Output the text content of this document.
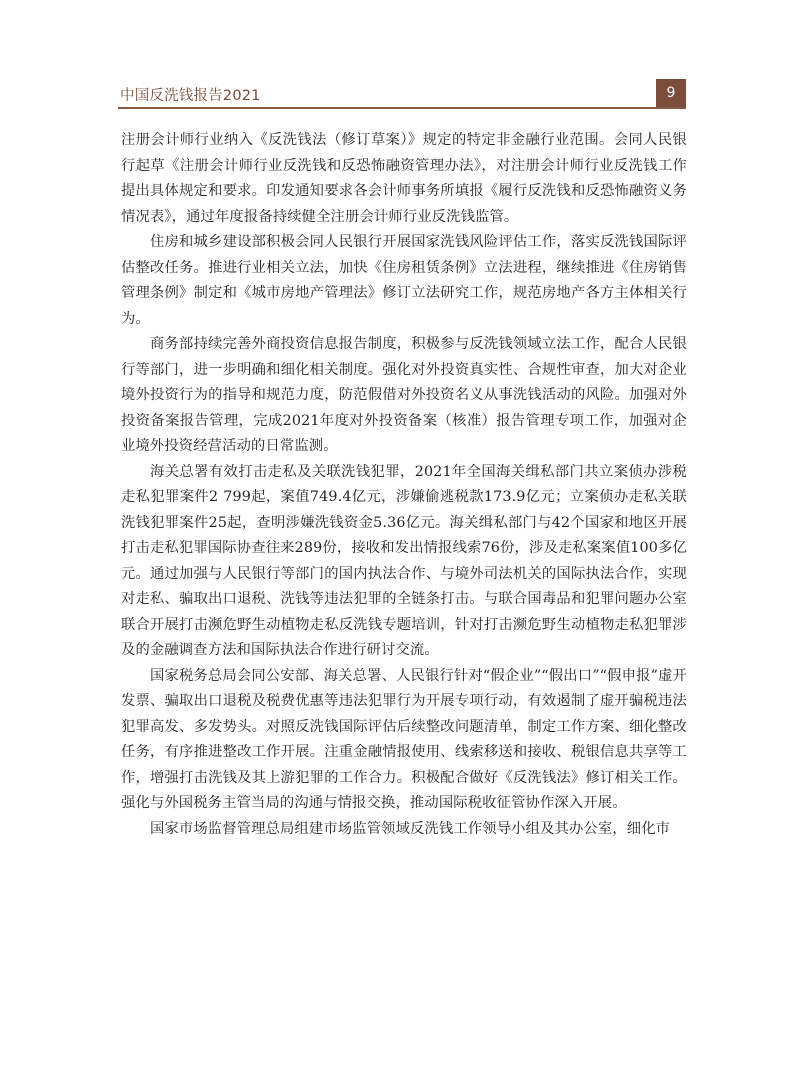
中国反洗钱报告2021	9

注册会计师行业纳入《反洗钱法（修订草案）》规定的特定非金融行业范围。会同人民银行起草《注册会计师行业反洗钱和反恐怖融资管理办法》，对注册会计师行业反洗钱工作提出具体规定和要求。印发通知要求各会计师事务所填报《履行反洗钱和反恐怖融资义务情况表》，通过年度报备持续健全注册会计师行业反洗钱监管。

住房和城乡建设部积极会同人民银行开展国家洗钱风险评估工作，落实反洗钱国际评估整改任务。推进行业相关立法，加快《住房租赁条例》立法进程，继续推进《住房销售管理条例》制定和《城市房地产管理法》修订立法研究工作，规范房地产各方主体相关行为。

商务部持续完善外商投资信息报告制度，积极参与反洗钱领域立法工作，配合人民银行等部门，进一步明确和细化相关制度。强化对外投资真实性、合规性审查，加大对企业境外投资行为的指导和规范力度，防范假借对外投资名义从事洗钱活动的风险。加强对外投资备案报告管理，完成2021年度对外投资备案（核准）报告管理专项工作，加强对企业境外投资经营活动的日常监测。

海关总署有效打击走私及关联洗钱犯罪，2021年全国海关缉私部门共立案侦办涉税走私犯罪案件2 799起，案值749.4亿元，涉嫌偷逃税款173.9亿元；立案侦办走私关联洗钱犯罪案件25起，查明涉嫌洗钱资金5.36亿元。海关缉私部门与42个国家和地区开展打击走私犯罪国际协查往来289份，接收和发出情报线索76份，涉及走私案案值100多亿元。通过加强与人民银行等部门的国内执法合作、与境外司法机关的国际执法合作，实现对走私、骗取出口退税、洗钱等违法犯罪的全链条打击。与联合国毒品和犯罪问题办公室联合开展打击濒危野生动植物走私反洗钱专题培训，针对打击濒危野生动植物走私犯罪涉及的金融调查方法和国际执法合作进行研讨交流。

国家税务总局会同公安部、海关总署、人民银行针对“假企业”“假出口”“假申报”虚开发票、骗取出口退税及税费优惠等违法犯罪行为开展专项行动，有效遏制了虚开骗税违法犯罪高发、多发势头。对照反洗钱国际评估后续整改问题清单，制定工作方案、细化整改任务，有序推进整改工作开展。注重金融情报使用、线索移送和接收、税银信息共享等工作，增强打击洗钱及其上游犯罪的工作合力。积极配合做好《反洗钱法》修订相关工作。强化与外国税务主管当局的沟通与情报交换，推动国际税收征管协作深入开展。

国家市场监督管理总局组建市场监管领域反洗钱工作领导小组及其办公室，细化市
